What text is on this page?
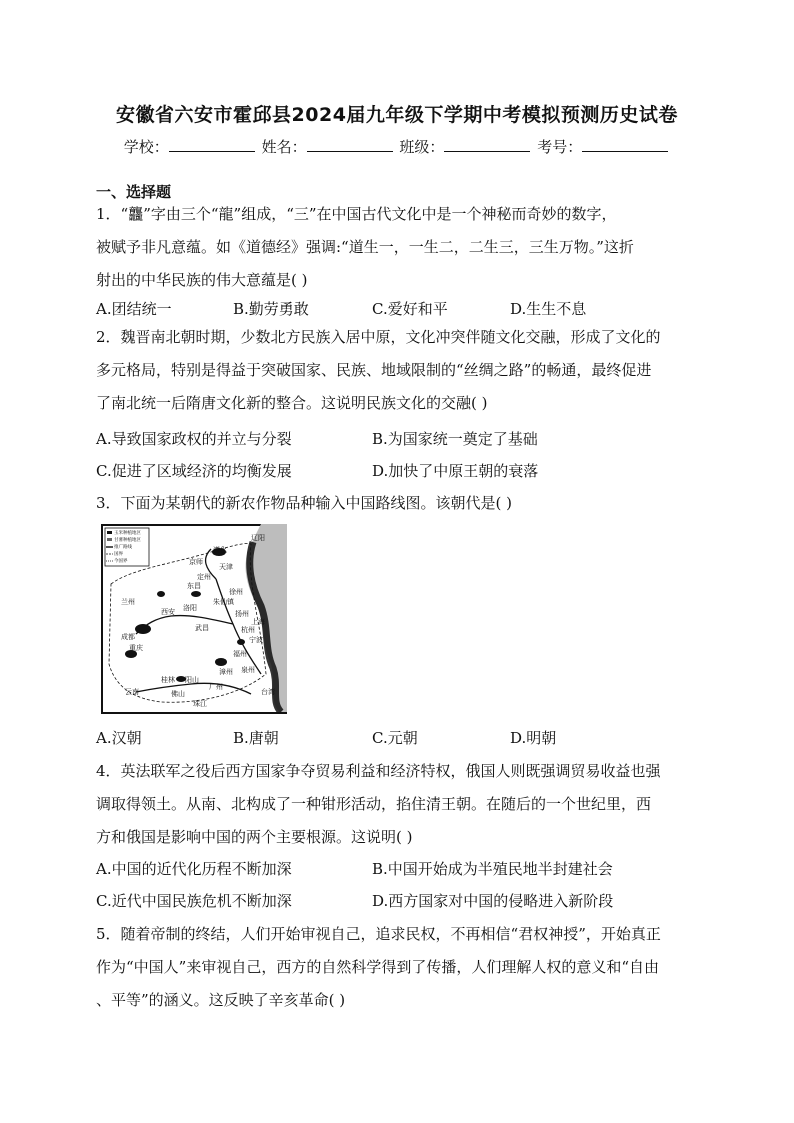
安徽省六安市霍邱县2024届九年级下学期中考模拟预测历史试卷
学校：	姓名：	班级：	考号：
一、选择题
1．“龘”字由三个“龍”组成，“三”在中国古代文化中是一个神秘而奇妙的数字，
被赋予非凡意蕴。如《道德经》强调:“道生一，一生二，二生三，三生万物。”这折
射出的中华民族的伟大意蕴是( )
A.团结统一	B.勤劳勇敢	C.爱好和平	D.生生不息
2．魏晋南北朝时期，少数北方民族入居中原，文化冲突伴随文化交融，形成了文化的
多元格局，特别是得益于突破国家、民族、地域限制的“丝绸之路”的畅通，最终促进
了南北统一后隋唐文化新的整合。这说明民族文化的交融( )
A.导致国家政权的并立与分裂	B.为国家统一奠定了基础
C.促进了区域经济的均衡发展	D.加快了中原王朝的衰落
3．下面为某朝代的新农作物品种输入中国路线图。该朝代是( )
玉米种植地区
甘薯种植地区
推广路线
国界
今国界
辽阳
遵化
京师
天津
定州
东昌
兰州
西安 洛阳
朱仙镇
徐州
扬州
上海
成都
重庆
武昌	杭州
宁波
福州
泉州
漳州
广州
台湾
桂林 阳山
佛山
云南
珠江
A.汉朝	B.唐朝	C.元朝	D.明朝
4．英法联军之役后西方国家争夺贸易利益和经济特权，俄国人则既强调贸易收益也强
调取得领土。从南、北构成了一种钳形活动，掐住清王朝。在随后的一个世纪里，西
方和俄国是影响中国的两个主要根源。这说明( )
A.中国的近代化历程不断加深	B.中国开始成为半殖民地半封建社会
C.近代中国民族危机不断加深	D.西方国家对中国的侵略进入新阶段
5．随着帝制的终结，人们开始审视自己，追求民权，不再相信“君权神授”，开始真正
作为“中国人”来审视自己，西方的自然科学得到了传播，人们理解人权的意义和“自由
、平等”的涵义。这反映了辛亥革命( )
